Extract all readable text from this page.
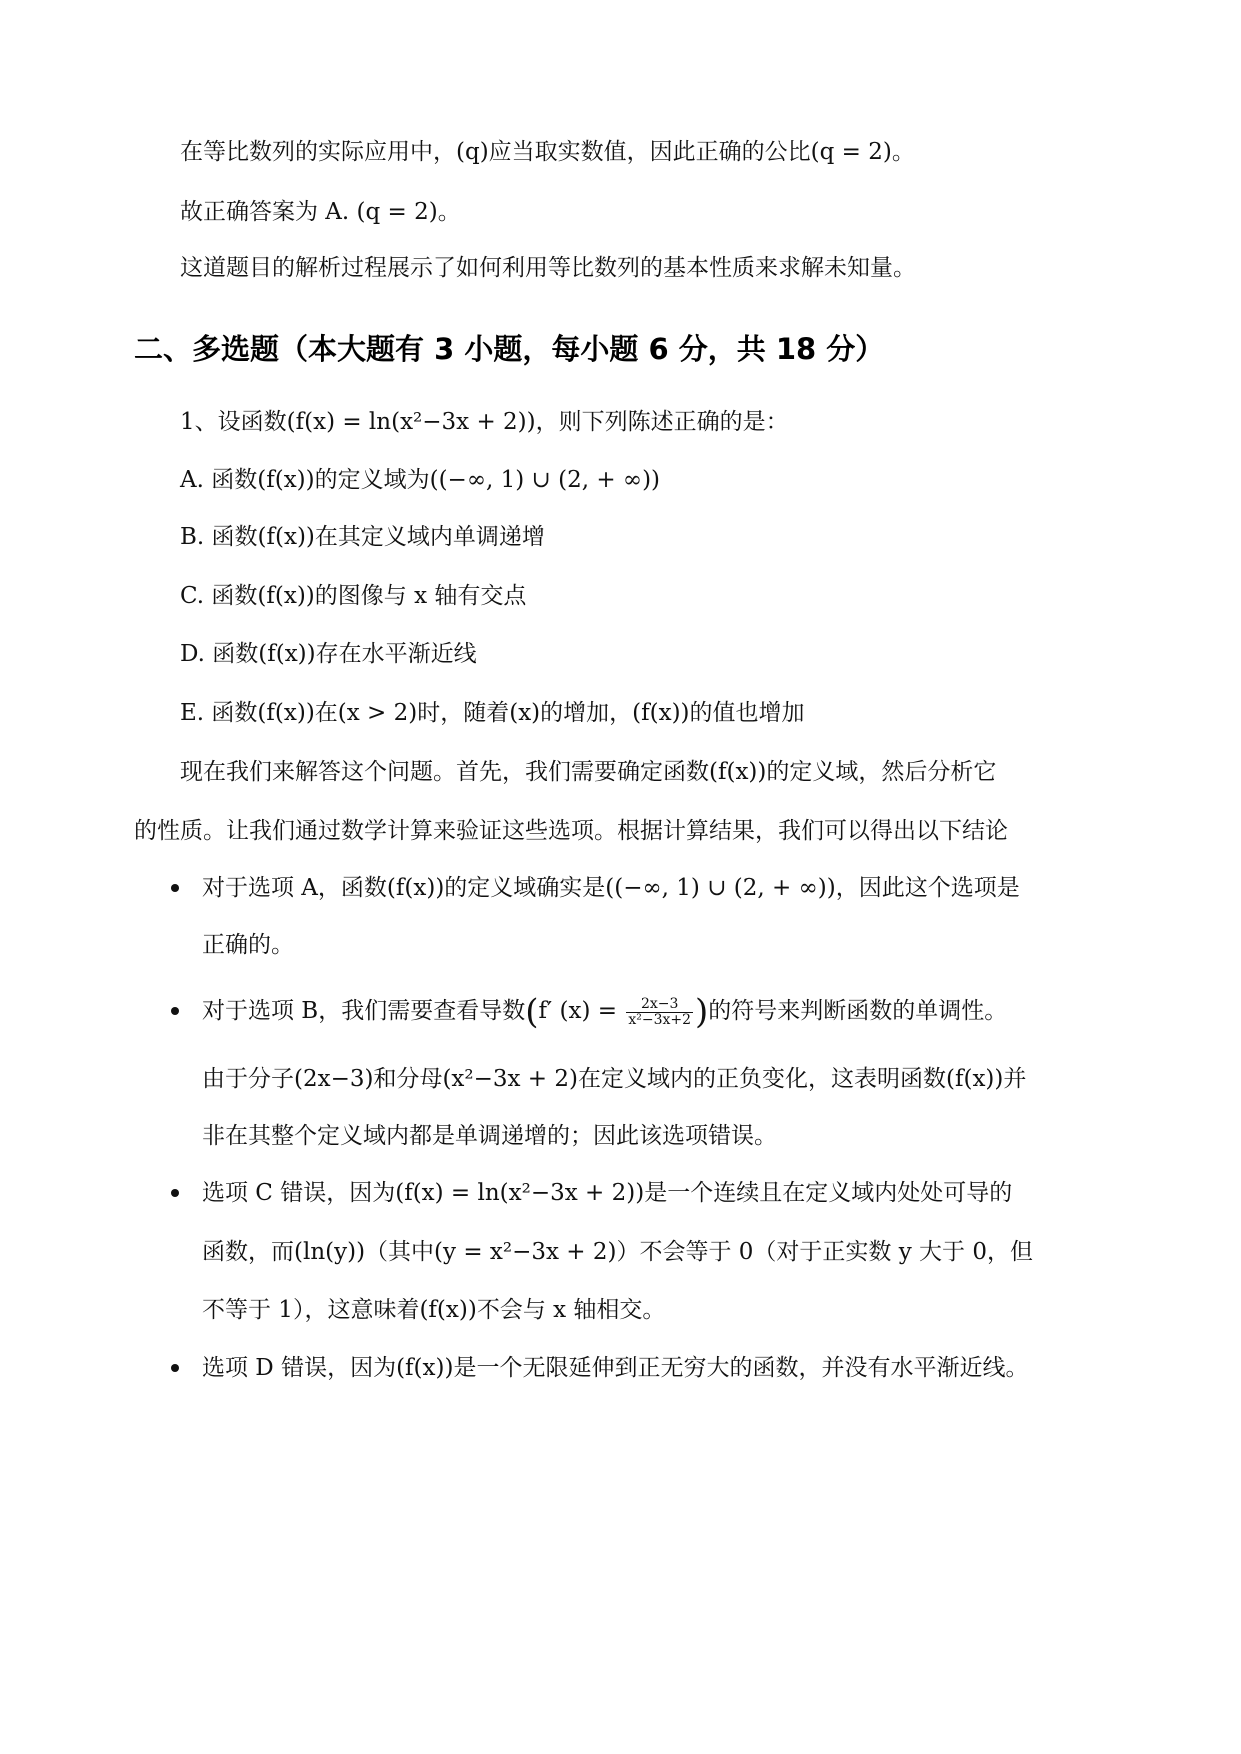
在等比数列的实际应用中，(q)应当取实数值，因此正确的公比(q = 2)。
故正确答案为 A. (q = 2)。
这道题目的解析过程展示了如何利用等比数列的基本性质来求解未知量。
二、多选题（本大题有 3 小题，每小题 6 分，共 18 分）
1、设函数(f(x) = ln(x²−3x + 2))，则下列陈述正确的是：
A. 函数(f(x))的定义域为((−∞, 1) ∪ (2, + ∞))
B. 函数(f(x))在其定义域内单调递增
C. 函数(f(x))的图像与 x 轴有交点
D. 函数(f(x))存在水平渐近线
E. 函数(f(x))在(x > 2)时，随着(x)的增加，(f(x))的值也增加
现在我们来解答这个问题。首先，我们需要确定函数(f(x))的定义域，然后分析它
的性质。让我们通过数学计算来验证这些选项。根据计算结果，我们可以得出以下结论
对于选项 A，函数(f(x))的定义域确实是((−∞, 1) ∪ (2, + ∞))，因此这个选项是
正确的。
对于选项 B，我们需要查看导数(f′ $(x) = \frac{2x-3}{\text{x²−3x+2}}$ )的符号来判断函数的单调性。
由于分子(2x−3)和分母(x²−3x + 2)在定义域内的正负变化，这表明函数(f(x))并
非在其整个定义域内都是单调递增的；因此该选项错误。
选项 C 错误，因为(f(x) = ln(x²−3x + 2))是一个连续且在定义域内处处可导的
函数，而(ln(y))（其中(y = x²−3x + 2)）不会等于 0（对于正实数 y 大于 0，但
不等于 1），这意味着(f(x))不会与 x 轴相交。
选项 D 错误，因为(f(x))是一个无限延伸到正无穷大的函数，并没有水平渐近线。
